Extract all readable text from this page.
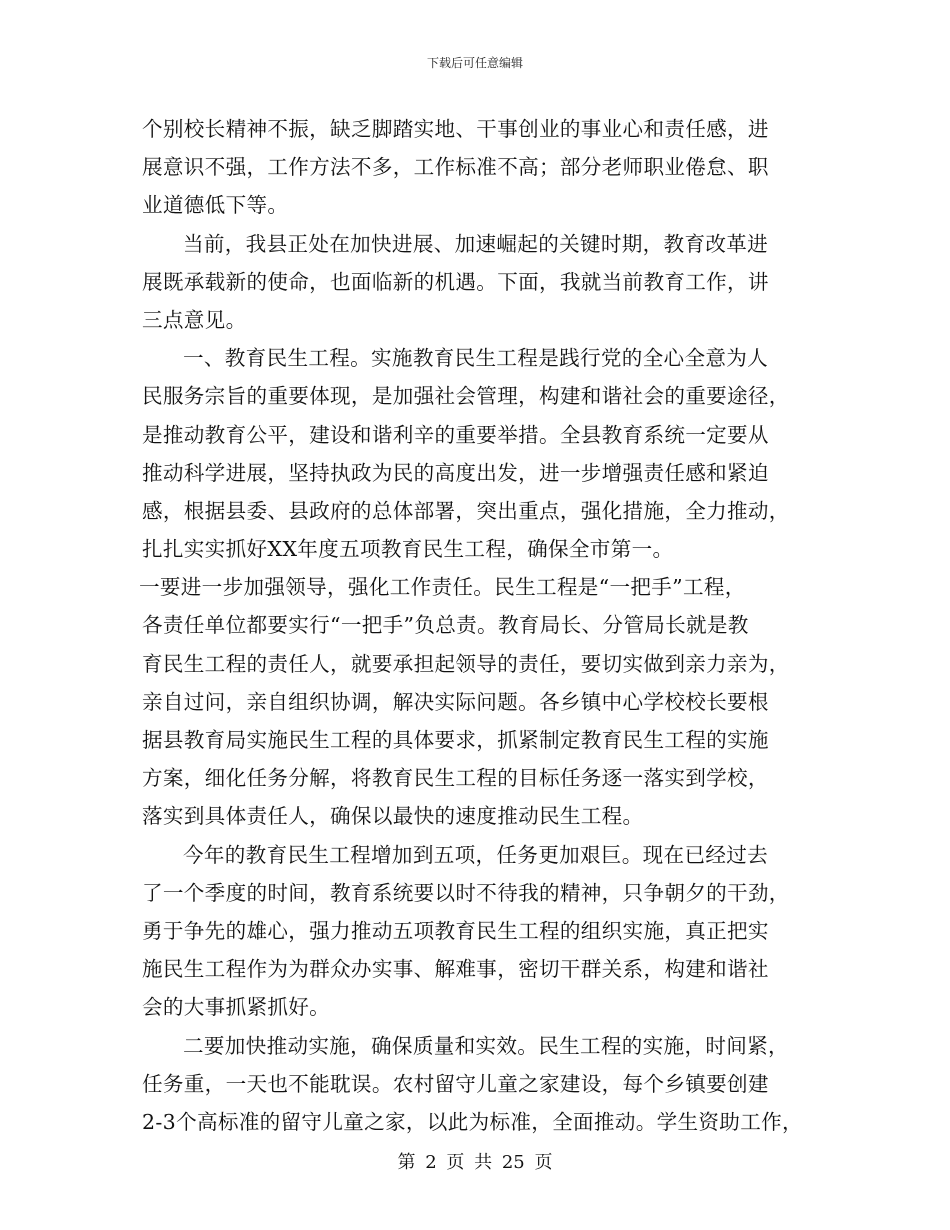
下载后可任意编辑
个别校长精神不振，缺乏脚踏实地、干事创业的事业心和责任感，进
展意识不强，工作方法不多，工作标准不高；部分老师职业倦怠、职
业道德低下等。
当前，我县正处在加快进展、加速崛起的关键时期，教育改革进
展既承载新的使命，也面临新的机遇。下面，我就当前教育工作，讲
三点意见。
一、教育民生工程。实施教育民生工程是践行党的全心全意为人
民服务宗旨的重要体现，是加强社会管理，构建和谐社会的重要途径，
是推动教育公平，建设和谐利辛的重要举措。全县教育系统一定要从
推动科学进展，坚持执政为民的高度出发，进一步增强责任感和紧迫
感，根据县委、县政府的总体部署，突出重点，强化措施，全力推动，
扎扎实实抓好XX年度五项教育民生工程，确保全市第一。
一要进一步加强领导，强化工作责任。民生工程是“一把手”工程，
各责任单位都要实行“一把手”负总责。教育局长、分管局长就是教
育民生工程的责任人，就要承担起领导的责任，要切实做到亲力亲为，
亲自过问，亲自组织协调，解决实际问题。各乡镇中心学校校长要根
据县教育局实施民生工程的具体要求，抓紧制定教育民生工程的实施
方案，细化任务分解，将教育民生工程的目标任务逐一落实到学校，
落实到具体责任人，确保以最快的速度推动民生工程。
今年的教育民生工程增加到五项，任务更加艰巨。现在已经过去
了一个季度的时间，教育系统要以时不待我的精神，只争朝夕的干劲，
勇于争先的雄心，强力推动五项教育民生工程的组织实施，真正把实
施民生工程作为为群众办实事、解难事，密切干群关系，构建和谐社
会的大事抓紧抓好。
二要加快推动实施，确保质量和实效。民生工程的实施，时间紧，
任务重，一天也不能耽误。农村留守儿童之家建设，每个乡镇要创建
2-3个高标准的留守儿童之家，以此为标准，全面推动。学生资助工作，
第 2 页 共 25 页
